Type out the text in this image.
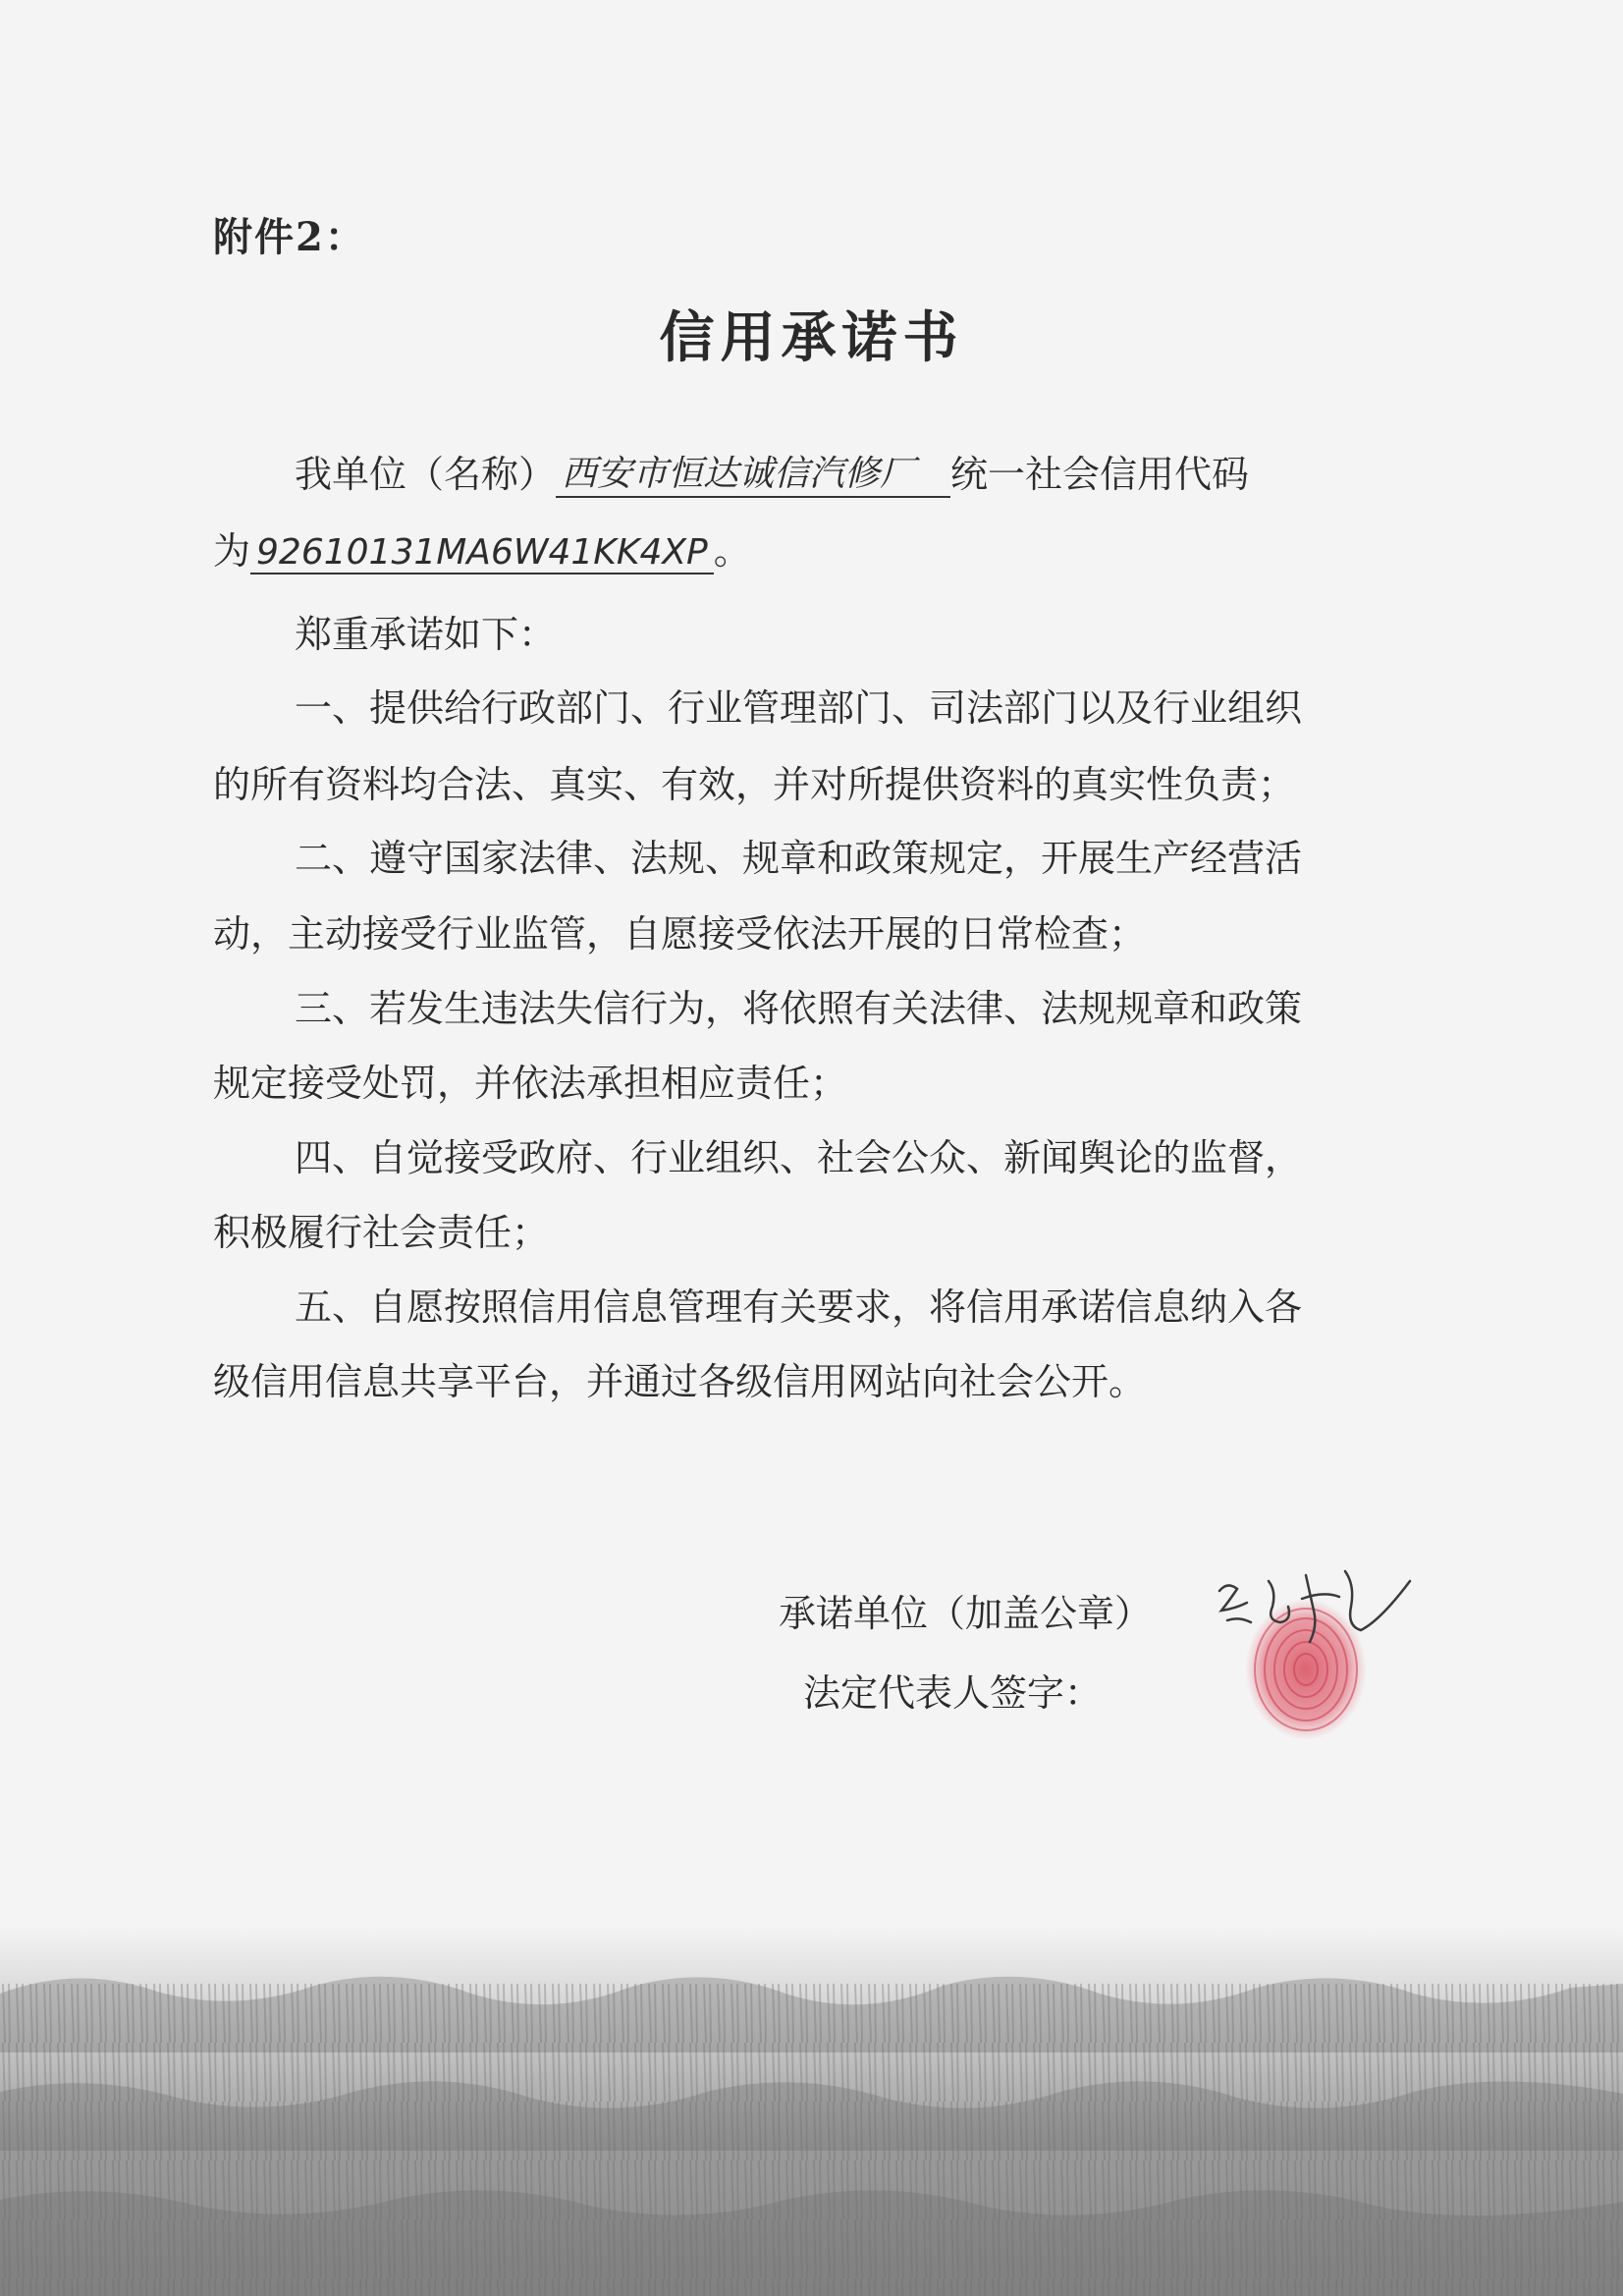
附件2：
信用承诺书
我单位（名称） 西安市恒达诚信汽修厂 统一社会信用代码
为 92610131MA6W41KK4XP 。
郑重承诺如下：
一、提供给行政部门、行业管理部门、司法部门以及行业组织
的所有资料均合法、真实、有效，并对所提供资料的真实性负责；
二、遵守国家法律、法规、规章和政策规定，开展生产经营活
动，主动接受行业监管，自愿接受依法开展的日常检查；
三、若发生违法失信行为，将依照有关法律、法规规章和政策
规定接受处罚，并依法承担相应责任；
四、自觉接受政府、行业组织、社会公众、新闻舆论的监督，
积极履行社会责任；
五、自愿按照信用信息管理有关要求，将信用承诺信息纳入各
级信用信息共享平台，并通过各级信用网站向社会公开。
承诺单位（加盖公章）
法定代表人签字：
